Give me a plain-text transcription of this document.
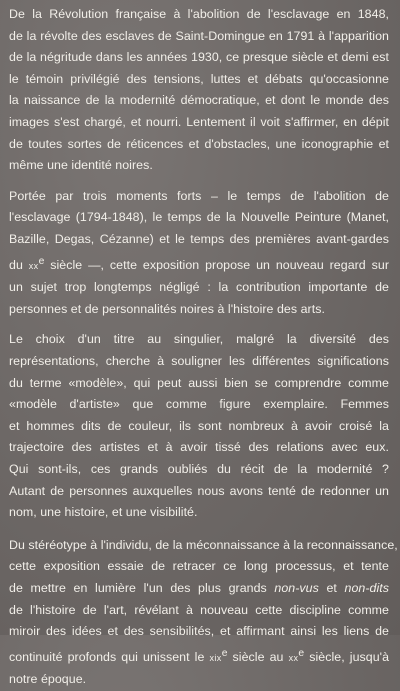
De la Révolution française à l'abolition de l'esclavage en 1848,
de la révolte des esclaves de Saint-Domingue en 1791 à l'apparition
de la négritude dans les années 1930, ce presque siècle et demi est
le témoin privilégié des tensions, luttes et débats qu'occasionne
la naissance de la modernité démocratique, et dont le monde des
images s'est chargé, et nourri. Lentement il voit s'affirmer, en dépit
de toutes sortes de réticences et d'obstacles, une iconographie et
même une identité noires.

Portée par trois moments forts – le temps de l'abolition de
l'esclavage (1794-1848), le temps de la Nouvelle Peinture (Manet,
Bazille, Degas, Cézanne) et le temps des premières avant-gardes
du $xx^e$ siècle —, cette exposition propose un nouveau regard sur
un sujet trop longtemps négligé : la contribution importante de
personnes et de personnalités noires à l'histoire des arts.

Le choix d'un titre au singulier, malgré la diversité des
représentations, cherche à souligner les différentes significations
du terme «modèle», qui peut aussi bien se comprendre comme
«modèle d'artiste» que comme figure exemplaire. Femmes
et hommes dits de couleur, ils sont nombreux à avoir croisé la
trajectoire des artistes et à avoir tissé des relations avec eux.
Qui sont-ils, ces grands oubliés du récit de la modernité ?
Autant de personnes auxquelles nous avons tenté de redonner un
nom, une histoire, et une visibilité.

Du stéréotype à l'individu, de la méconnaissance à la reconnaissance,
cette exposition essaie de retracer ce long processus, et tente
de mettre en lumière l'un des plus grands non-vus et non-dits
de l'histoire de l'art, révélant à nouveau cette discipline comme
miroir des idées et des sensibilités, et affirmant ainsi les liens de
continuité profonds qui unissent le xix$^e$ siècle au $xx^e$ siècle, jusqu'à
notre époque.
